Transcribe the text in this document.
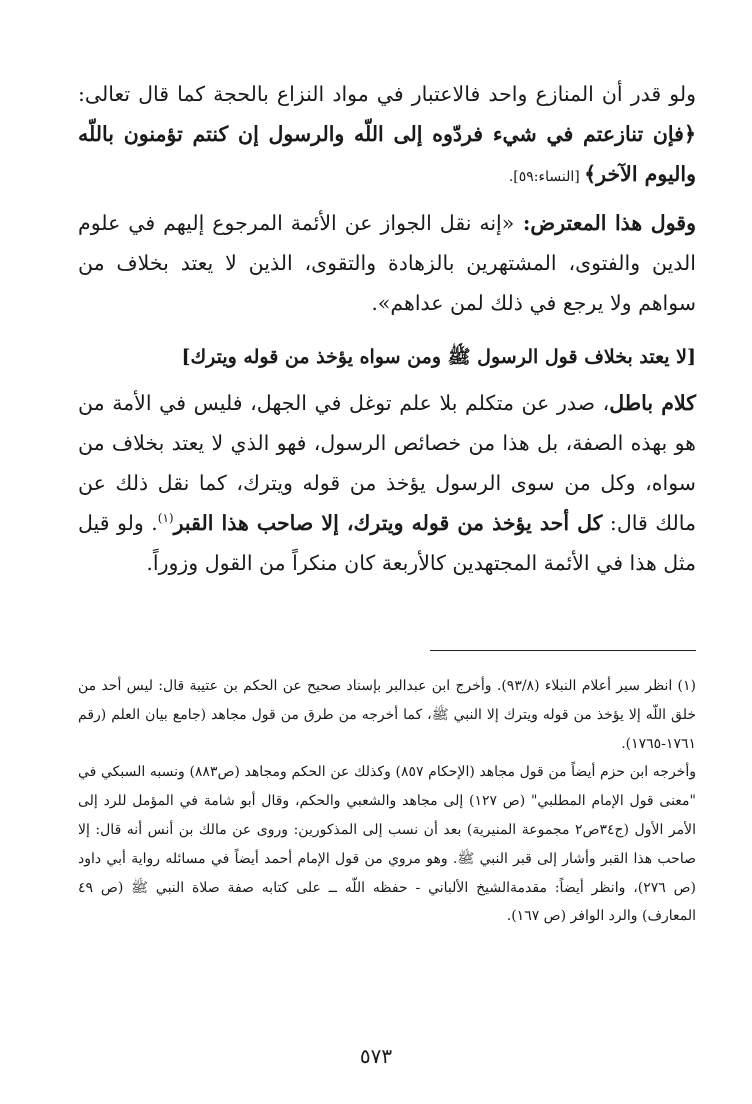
ولو قدر أن المنازع واحد فالاعتبار في مواد النزاع بالحجة كما قال تعالى: ﴿فإن تنازعتم في شيء فردّوه إلى اللّه والرسول إن كنتم تؤمنون باللّه واليوم الآخر﴾ [النساء:٥٩].

وقول هذا المعترض: «إنه نقل الجواز عن الأئمة المرجوع إليهم في علوم الدين والفتوى، المشتهرين بالزهادة والتقوى، الذين لا يعتد بخلاف من سواهم ولا يرجع في ذلك لمن عداهم».

[لا يعتد بخلاف قول الرسول ﷺ ومن سواه يؤخذ من قوله ويترك]

كلام باطل، صدر عن متكلم بلا علم توغل في الجهل، فليس في الأمة من هو بهذه الصفة، بل هذا من خصائص الرسول، فهو الذي لا يعتد بخلاف من سواه، وكل من سوى الرسول يؤخذ من قوله ويترك، كما نقل ذلك عن مالك قال: كل أحد يؤخذ من قوله ويترك، إلا صاحب هذا القبر$^{(١)}$. ولو قيل مثل هذا في الأئمة المجتهدين كالأربعة كان منكراً من القول وزوراً.

(١) انظر سير أعلام النبلاء (٩٣/٨). وأخرج ابن عبدالبر بإسناد صحيح عن الحكم بن عتيبة قال: ليس أحد من خلق اللّه إلا يؤخذ من قوله ويترك إلا النبي ﷺ، كما أخرجه من طرق من قول مجاهد (جامع بيان العلم (رقم ١٧٦١-١٧٦٥).

وأخرجه ابن حزم أيضاً من قول مجاهد (الإحكام ٨٥٧) وكذلك عن الحكم ومجاهد (ص٨٨٣) ونسبه السبكي في "معنى قول الإمام المطلبي" (ص ١٢٧) إلى مجاهد والشعبي والحكم، وقال أبو شامة في المؤمل للرد إلى الأمر الأول (ج٣٤ص٢ مجموعة المنيرية) بعد أن نسب إلى المذكورين: وروى عن مالك بن أنس أنه قال: إلا صاحب هذا القبر وأشار إلى قبر النبي ﷺ. وهو مروي من قول الإمام أحمد أيضاً في مسائله رواية أبي داود (ص ٢٧٦)، وانظر أيضاً: مقدمةالشيخ الألباني - حفظه اللّه ــ على كتابه صفة صلاة النبي ﷺ (ص ٤٩ المعارف) والرد الوافر (ص ١٦٧).

٥٧٣
